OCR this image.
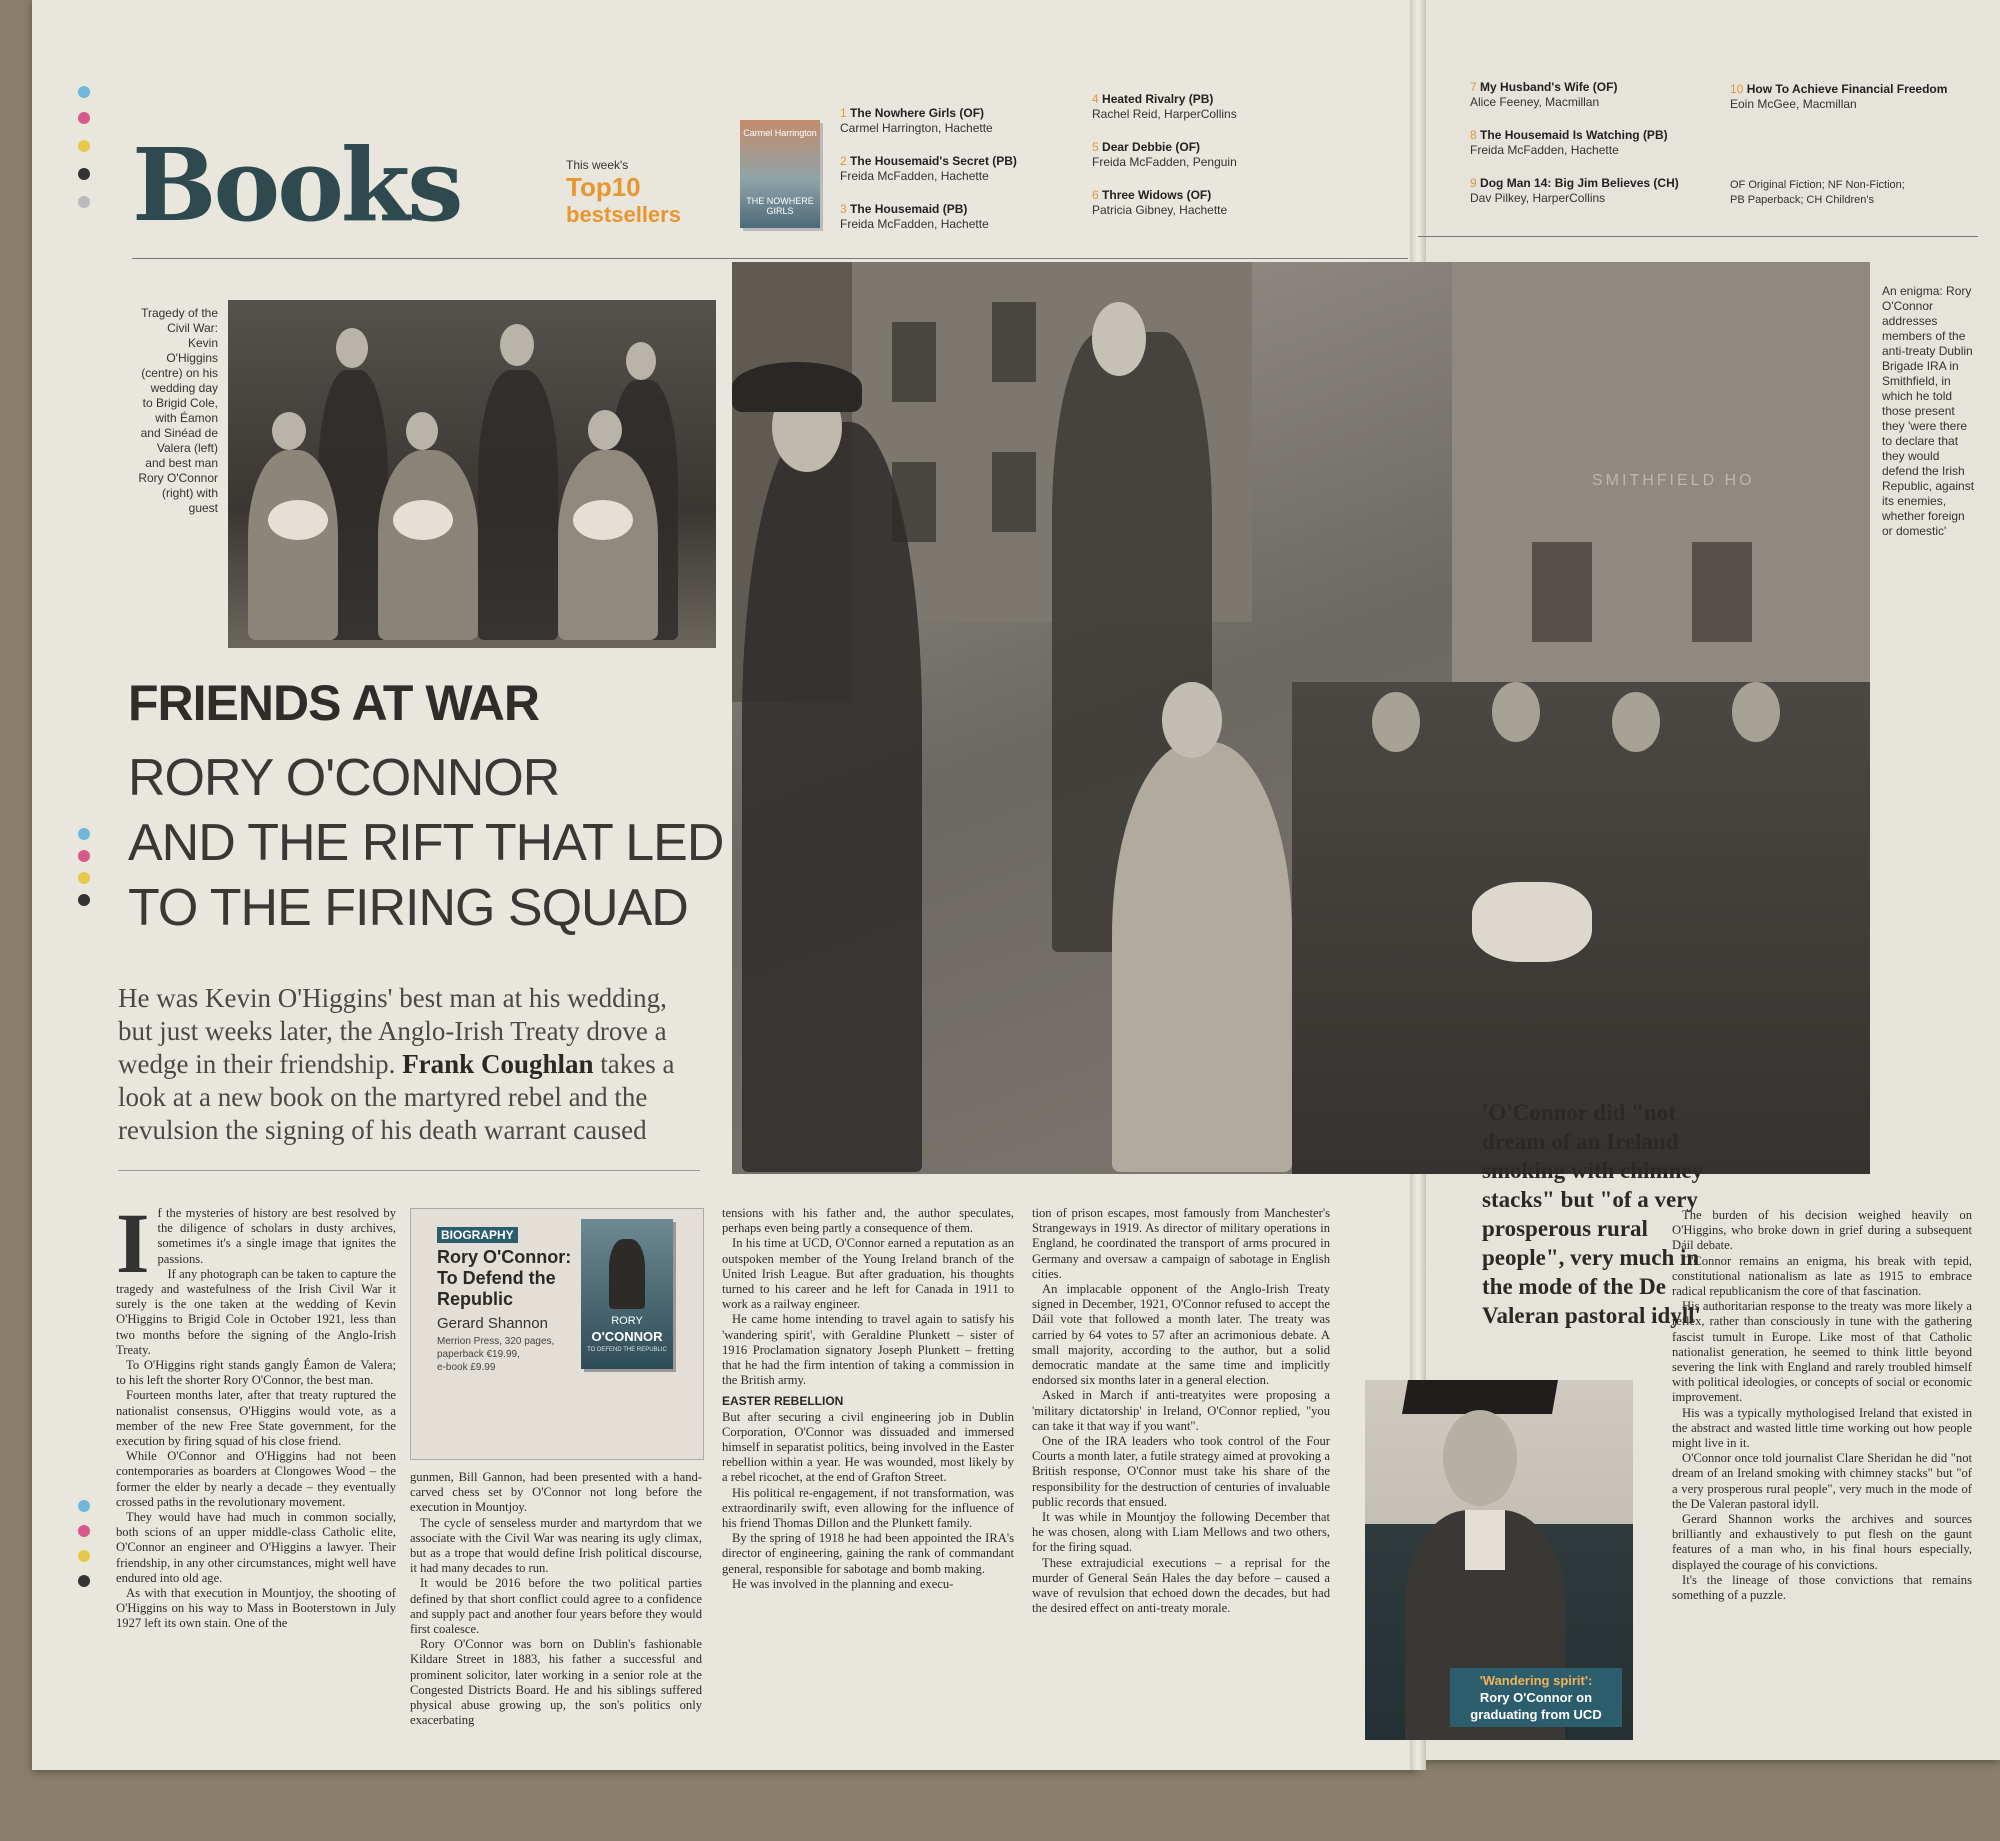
Books	This week's
Top10
bestsellers
Carmel Harrington
THE NOWHERE GIRLS
1 The Nowhere Girls (OF)
Carmel Harrington, Hachette
2 The Housemaid's Secret (PB)
Freida McFadden, Hachette
3 The Housemaid (PB)
Freida McFadden, Hachette
4 Heated Rivalry (PB)
Rachel Reid, HarperCollins
5 Dear Debbie (OF)
Freida McFadden, Penguin
6 Three Widows (OF)
Patricia Gibney, Hachette
7 My Husband's Wife (OF)
Alice Feeney, Macmillan
8 The Housemaid Is Watching (PB)
Freida McFadden, Hachette
9 Dog Man 14: Big Jim Believes (CH)
Dav Pilkey, HarperCollins
10 How To Achieve Financial Freedom
Eoin McGee, Macmillan
OF Original Fiction; NF Non-Fiction;
PB Paperback; CH Children's
Tragedy of the Civil War: Kevin O'Higgins (centre) on his wedding day to Brigid Cole, with Éamon and Sinéad de Valera (left) and best man Rory O'Connor (right) with guest
SMITHFIELD HO
FRIENDS AT WAR
RORY O'CONNOR
AND THE RIFT THAT LED
TO THE FIRING SQUAD
He was Kevin O'Higgins' best man at his wedding, but just weeks later, the Anglo-Irish Treaty drove a wedge in their friendship. Frank Coughlan takes a look at a new book on the martyred rebel and the revulsion the signing of his death warrant caused
An enigma: Rory O'Connor addresses members of the anti-treaty Dublin Brigade IRA in Smithfield, in which he told those present they 'were there to declare that they would defend the Irish Republic, against its enemies, whether foreign or domestic'
'O'Connor did "not dream of an Ireland smoking with chimney stacks" but "of a very prosperous rural people", very much in the mode of the De Valeran pastoral idyll'
I f the mysteries of history are best resolved by the diligence of scholars in dusty archives, sometimes it's a single image that ignites the passions.

If any photograph can be taken to capture the tragedy and wastefulness of the Irish Civil War it surely is the one taken at the wedding of Kevin O'Higgins to Brigid Cole in October 1921, less than two months before the signing of the Anglo-Irish Treaty.

To O'Higgins right stands gangly Éamon de Valera; to his left the shorter Rory O'Connor, the best man.

Fourteen months later, after that treaty ruptured the nationalist consensus, O'Higgins would vote, as a member of the new Free State government, for the execution by firing squad of his close friend.

While O'Connor and O'Higgins had not been contemporaries as boarders at Clongowes Wood – the former the elder by nearly a decade – they eventually crossed paths in the revolutionary movement.

They would have had much in common socially, both scions of an upper middle-class Catholic elite, O'Connor an engineer and O'Higgins a lawyer. Their friendship, in any other circumstances, might well have endured into old age.

As with that execution in Mountjoy, the shooting of O'Higgins on his way to Mass in Booterstown in July 1927 left its own stain. One of the

BIOGRAPHY
Rory O'Connor: To Defend the Republic
Gerard Shannon
Merrion Press, 320 pages,
paperback €19.99,
e-book £9.99
RORY
O'CONNOR
TO DEFEND THE REPUBLIC

gunmen, Bill Gannon, had been presented with a hand-carved chess set by O'Connor not long before the execution in Mountjoy.

The cycle of senseless murder and martyrdom that we associate with the Civil War was nearing its ugly climax, but as a trope that would define Irish political discourse, it had many decades to run.

It would be 2016 before the two political parties defined by that short conflict could agree to a confidence and supply pact and another four years before they would first coalesce.

Rory O'Connor was born on Dublin's fashionable Kildare Street in 1883, his father a successful and prominent solicitor, later working in a senior role at the Congested Districts Board. He and his siblings suffered physical abuse growing up, the son's politics only exacerbating

tensions with his father and, the author speculates, perhaps even being partly a consequence of them.

In his time at UCD, O'Connor earned a reputation as an outspoken member of the Young Ireland branch of the United Irish League. But after graduation, his thoughts turned to his career and he left for Canada in 1911 to work as a railway engineer.

He came home intending to travel again to satisfy his 'wandering spirit', with Geraldine Plunkett – sister of 1916 Proclamation signatory Joseph Plunkett – fretting that he had the firm intention of taking a commission in the British army.

EASTER REBELLION

But after securing a civil engineering job in Dublin Corporation, O'Connor was dissuaded and immersed himself in separatist politics, being involved in the Easter rebellion within a year. He was wounded, most likely by a rebel ricochet, at the end of Grafton Street.

His political re-engagement, if not transformation, was extraordinarily swift, even allowing for the influence of his friend Thomas Dillon and the Plunkett family.

By the spring of 1918 he had been appointed the IRA's director of engineering, gaining the rank of commandant general, responsible for sabotage and bomb making.

He was involved in the planning and execu-

tion of prison escapes, most famously from Manchester's Strangeways in 1919. As director of military operations in England, he coordinated the transport of arms procured in Germany and oversaw a campaign of sabotage in English cities.

An implacable opponent of the Anglo-Irish Treaty signed in December, 1921, O'Connor refused to accept the Dáil vote that followed a month later. The treaty was carried by 64 votes to 57 after an acrimonious debate. A small majority, according to the author, but a solid democratic mandate at the same time and implicitly endorsed six months later in a general election.

Asked in March if anti-treatyites were proposing a 'military dictatorship' in Ireland, O'Connor replied, "you can take it that way if you want".

One of the IRA leaders who took control of the Four Courts a month later, a futile strategy aimed at provoking a British response, O'Connor must take his share of the responsibility for the destruction of centuries of invaluable public records that ensued.

It was while in Mountjoy the following December that he was chosen, along with Liam Mellows and two others, for the firing squad.

These extrajudicial executions – a reprisal for the murder of General Seán Hales the day before – caused a wave of revulsion that echoed down the decades, but had the desired effect on anti-treaty morale.

'Wandering spirit':
Rory O'Connor on graduating from UCD

The burden of his decision weighed heavily on O'Higgins, who broke down in grief during a subsequent Dáil debate.

O'Connor remains an enigma, his break with tepid, constitutional nationalism as late as 1915 to embrace radical republicanism the core of that fascination.

His authoritarian response to the treaty was more likely a reflex, rather than consciously in tune with the gathering fascist tumult in Europe. Like most of that Catholic nationalist generation, he seemed to think little beyond severing the link with England and rarely troubled himself with political ideologies, or concepts of social or economic improvement.

His was a typically mythologised Ireland that existed in the abstract and wasted little time working out how people might live in it.

O'Connor once told journalist Clare Sheridan he did "not dream of an Ireland smoking with chimney stacks" but "of a very prosperous rural people", very much in the mode of the De Valeran pastoral idyll.

Gerard Shannon works the archives and sources brilliantly and exhaustively to put flesh on the gaunt features of a man who, in his final hours especially, displayed the courage of his convictions.

It's the lineage of those convictions that remains something of a puzzle.
